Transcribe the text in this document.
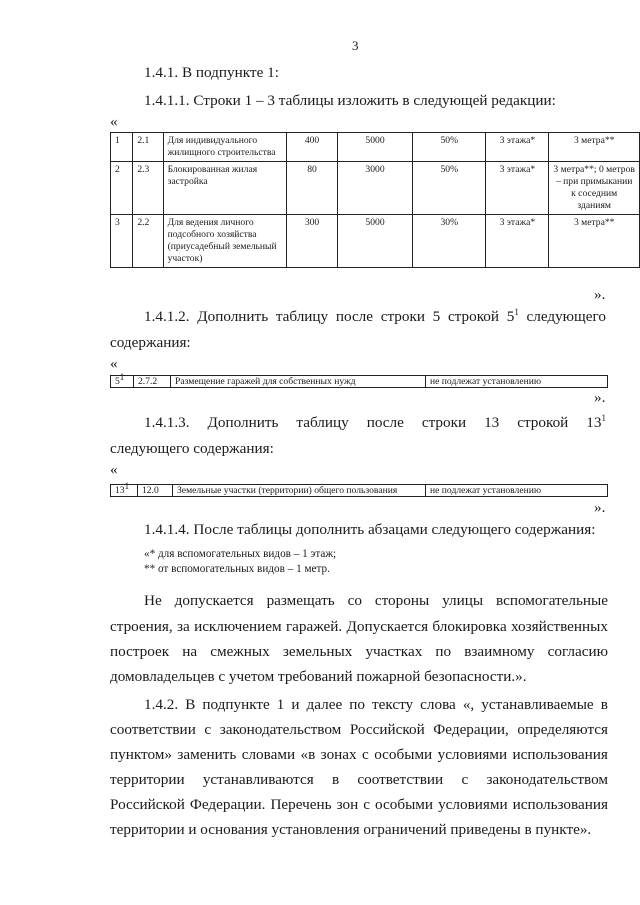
3
1.4.1. В подпункте 1:
1.4.1.1. Строки 1 – 3 таблицы изложить в следующей редакции:
«
1	2.1	Для индивидуального жилищного строительства	400	5000	50%	3 этажа*	3 метра**
2	2.3	Блокированная жилая застройка	80	3000	50%	3 этажа*	3 метра**; 0 метров – при примыкании к соседним зданиям
3	2.2	Для ведения личного подсобного хозяйства (приусадебный земельный участок)	300	5000	30%	3 этажа*	3 метра**
».
1.4.1.2. Дополнить таблицу после строки 5 строкой $5^1$ следующего
содержания:
«
$5^1$	2.7.2	Размещение гаражей для собственных нужд	не подлежат установлению
».
1.4.1.3. Дополнить таблицу после строки 13 строкой $13^1$
следующего содержания:
«
$13^1$	12.0	Земельные участки (территории) общего пользования	не подлежат установлению
».
1.4.1.4. После таблицы дополнить абзацами следующего содержания:
«* для вспомогательных видов – 1 этаж;
** от вспомогательных видов – 1 метр.
Не допускается размещать со стороны улицы вспомогательные
строения, за исключением гаражей. Допускается блокировка хозяйственных
построек на смежных земельных участках по взаимному согласию
домовладельцев с учетом требований пожарной безопасности.».
1.4.2. В подпункте 1 и далее по тексту слова «, устанавливаемые в
соответствии с законодательством Российской Федерации, определяются
пунктом» заменить словами «в зонах с особыми условиями использования
территории устанавливаются в соответствии с законодательством
Российской Федерации. Перечень зон с особыми условиями использования
территории и основания установления ограничений приведены в пункте».
